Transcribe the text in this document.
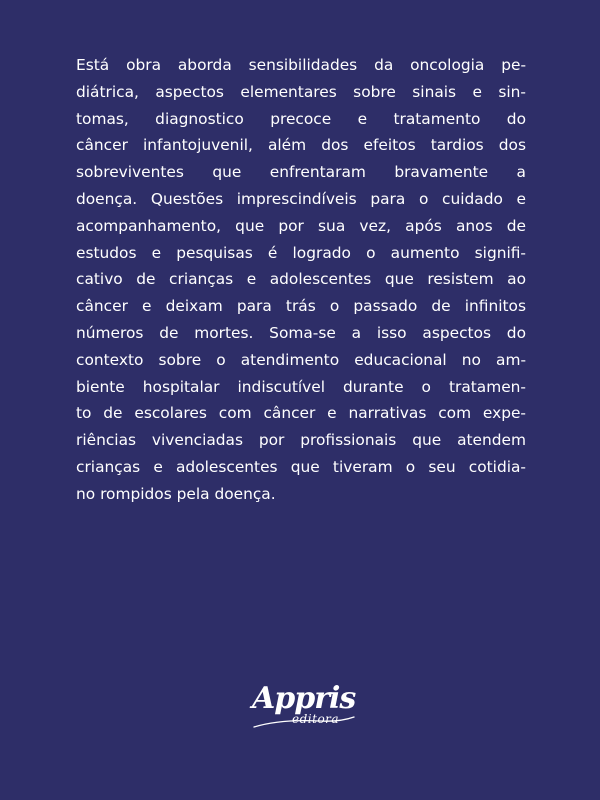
Está obra aborda sensibilidades da oncologia pe-
diátrica, aspectos elementares sobre sinais e sin-
tomas, diagnostico precoce e tratamento do
câncer infantojuvenil, além dos efeitos tardios dos
sobreviventes que enfrentaram bravamente a
doença. Questões imprescindíveis para o cuidado e
acompanhamento, que por sua vez, após anos de
estudos e pesquisas é logrado o aumento signifi-
cativo de crianças e adolescentes que resistem ao
câncer e deixam para trás o passado de infinitos
números de mortes. Soma-se a isso aspectos do
contexto sobre o atendimento educacional no am-
biente hospitalar indiscutível durante o tratamen-
to de escolares com câncer e narrativas com expe-
riências vivenciadas por profissionais que atendem
crianças e adolescentes que tiveram o seu cotidia-
no rompidos pela doença.
Appris
editora
